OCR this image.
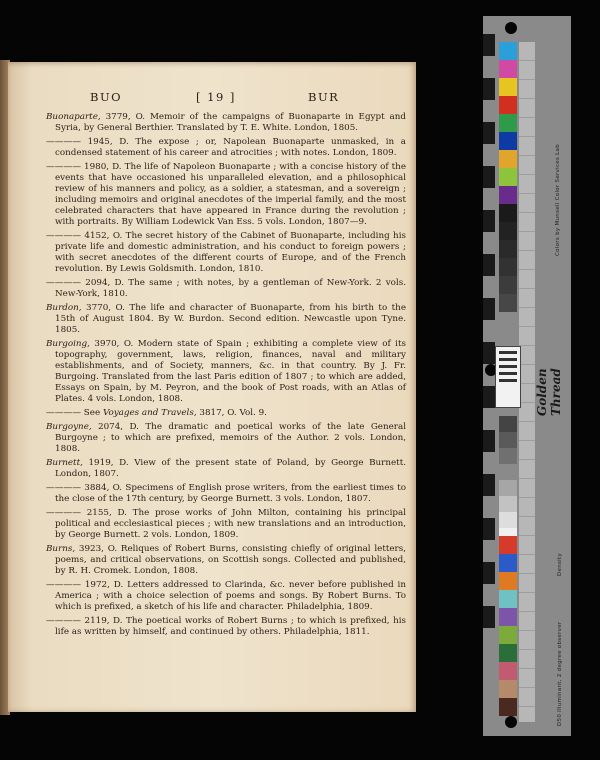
BUO	[ 19 ]	BUR

Buonaparte, 3779, O. Memoir of the campaigns of Buonaparte in Egypt and Syria, by General Berthier. Translated by T. E. White. London, 1805.

———— 1945, D. The expose ; or, Napolean Buonaparte unmasked, in a condensed statement of his career and atrocities ; with notes. London, 1809.

———— 1980, D. The life of Napoleon Buonaparte ; with a concise history of the events that have occasioned his unparalleled elevation, and a philosophical review of his manners and policy, as a soldier, a statesman, and a sovereign ; including memoirs and original anecdotes of the imperial family, and the most celebrated characters that have appeared in France during the revolution ; with portraits. By William Lodewick Van Ess. 5 vols. London, 1807—9.

———— 4152, O. The secret history of the Cabinet of Buonaparte, including his private life and domestic administration, and his conduct to foreign powers ; with secret anecdotes of the different courts of Europe, and of the French revolution. By Lewis Goldsmith. London, 1810.

———— 2094, D. The same ; with notes, by a gentleman of New-York. 2 vols. New-York, 1810.

Burdon, 3770, O. The life and character of Buonaparte, from his birth to the 15th of August 1804. By W. Burdon. Second edition. Newcastle upon Tyne. 1805.

Burgoing, 3970, O. Modern state of Spain ; exhibiting a complete view of its topography, government, laws, religion, finances, naval and military establishments, and of Society, manners, &c. in that country. By J. Fr. Burgoing. Translated from the last Paris edition of 1807 ; to which are added, Essays on Spain, by M. Peyron, and the book of Post roads, with an Atlas of Plates. 4 vols. London, 1808.

———— See Voyages and Travels, 3817, O. Vol. 9.

Burgoyne, 2074, D. The dramatic and poetical works of the late General Burgoyne ; to which are prefixed, memoirs of the Author. 2 vols. London, 1808.

Burnett, 1919, D. View of the present state of Poland, by George Burnett. London, 1807.

———— 3884, O. Specimens of English prose writers, from the earliest times to the close of the 17th century, by George Burnett. 3 vols. London, 1807.

———— 2155, D. The prose works of John Milton, containing his principal political and ecclesiastical pieces ; with new translations and an introduction, by George Burnett. 2 vols. London, 1809.

Burns, 3923, O. Reliques of Robert Burns, consisting chiefly of original letters, poems, and critical observations, on Scottish songs. Collected and published, by R. H. Cromek. London, 1808.

———— 1972, D. Letters addressed to Clarinda, &c. never before published in America ; with a choice selection of poems and songs. By Robert Burns. To which is prefixed, a sketch of his life and character. Philadelphia, 1809.

———— 2119, D. The poetical works of Robert Burns ; to which is prefixed, his life as written by himself, and continued by others. Philadelphia, 1811.

Colors by Munsell Color Services Lab
Density
D50 Illuminant, 2 degree observer
Golden Thread
